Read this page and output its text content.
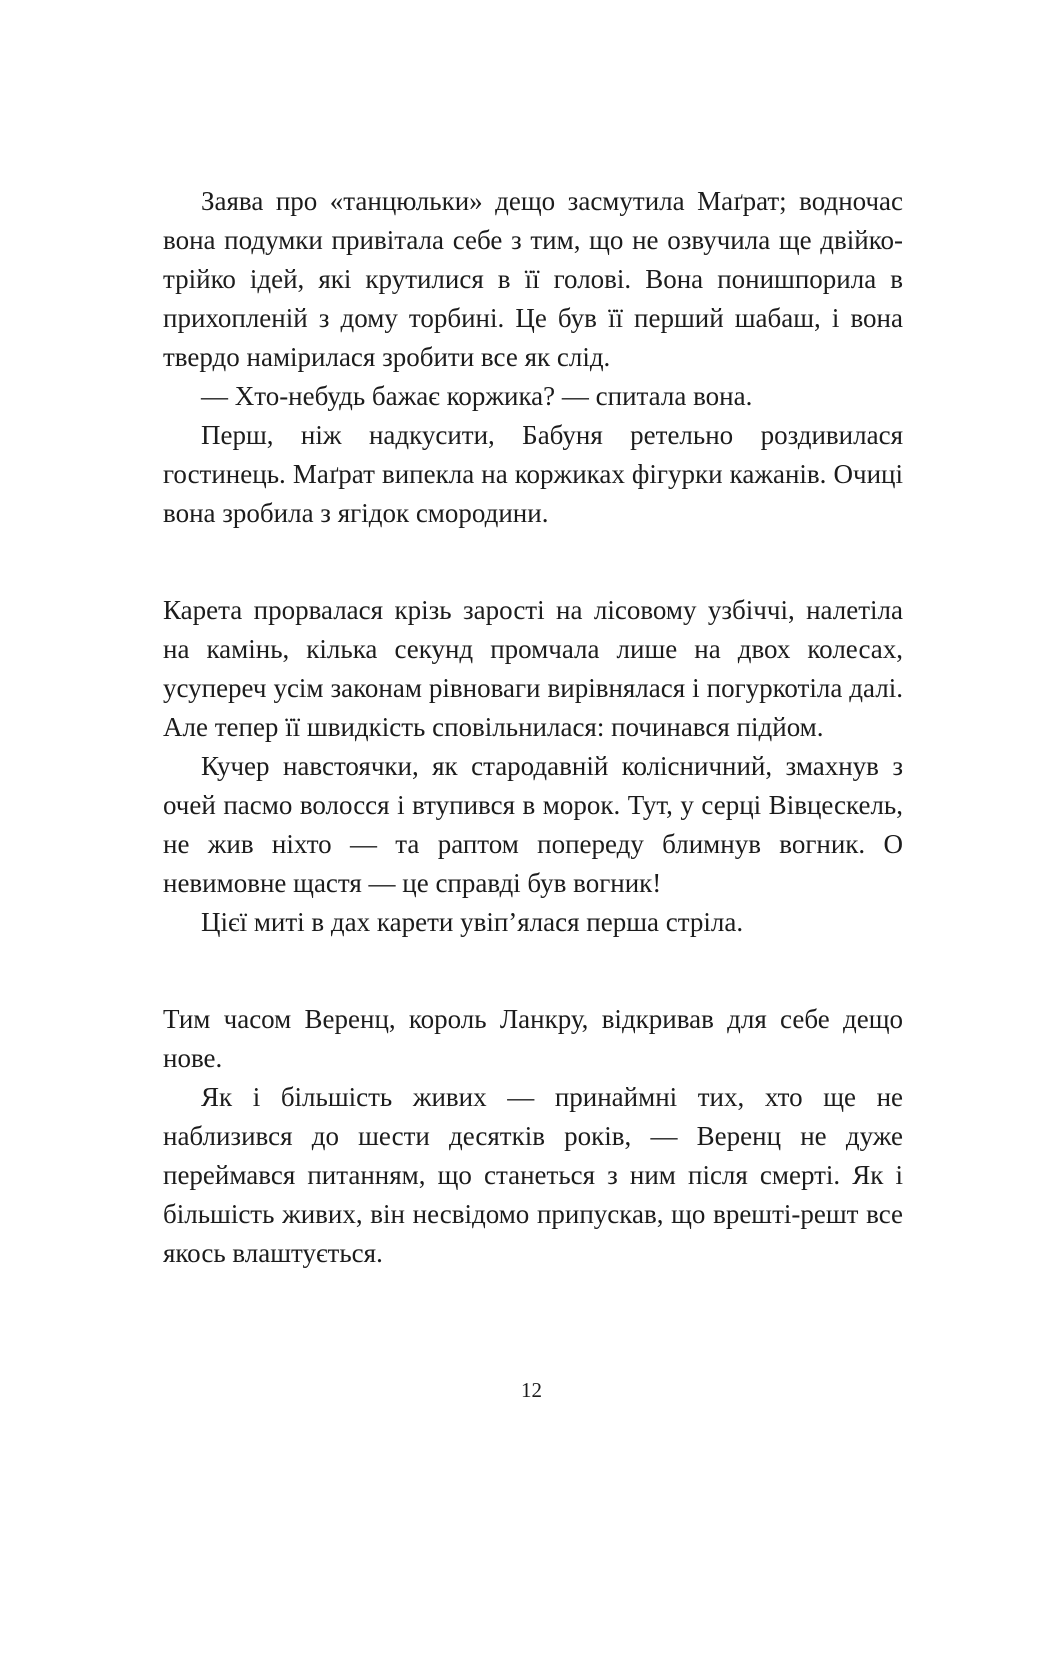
Заява про «танцюльки» дещо засмутила Маґрат; водночас вона подумки привітала себе з тим, що не озвучила ще двійко-трійко ідей, які крутилися в її голові. Вона понишпорила в прихопленій з дому торбині. Це був її перший шабаш, і вона твердо намірилася зробити все як слід.

— Хто-небудь бажає коржика? — спитала вона.

Перш, ніж надкусити, Бабуня ретельно роздивилася гостинець. Маґрат випекла на коржиках фігурки кажанів. Очиці вона зробила з ягідок смородини.

Карета прорвалася крізь зарості на лісовому узбіччі, налетіла на камінь, кілька секунд промчала лише на двох колесах, усупереч усім законам рівноваги вирівнялася і погуркотіла далі. Але тепер її швидкість сповільнилася: починався підйом.

Кучер навстоячки, як стародавній колісничний, змахнув з очей пасмо волосся і втупився в морок. Тут, у серці Вівцескель, не жив ніхто — та раптом попереду блимнув вогник. О невимовне щастя — це справді був вогник!

Цієї миті в дах карети увіп’ялася перша стріла.

Тим часом Веренц, король Ланкру, відкривав для себе дещо нове.

Як і більшість живих — принаймні тих, хто ще не наблизився до шести десятків років, — Веренц не дуже переймався питанням, що станеться з ним після смерті. Як і більшість живих, він несвідомо припускав, що врешті-решт все якось влаштується.

12
